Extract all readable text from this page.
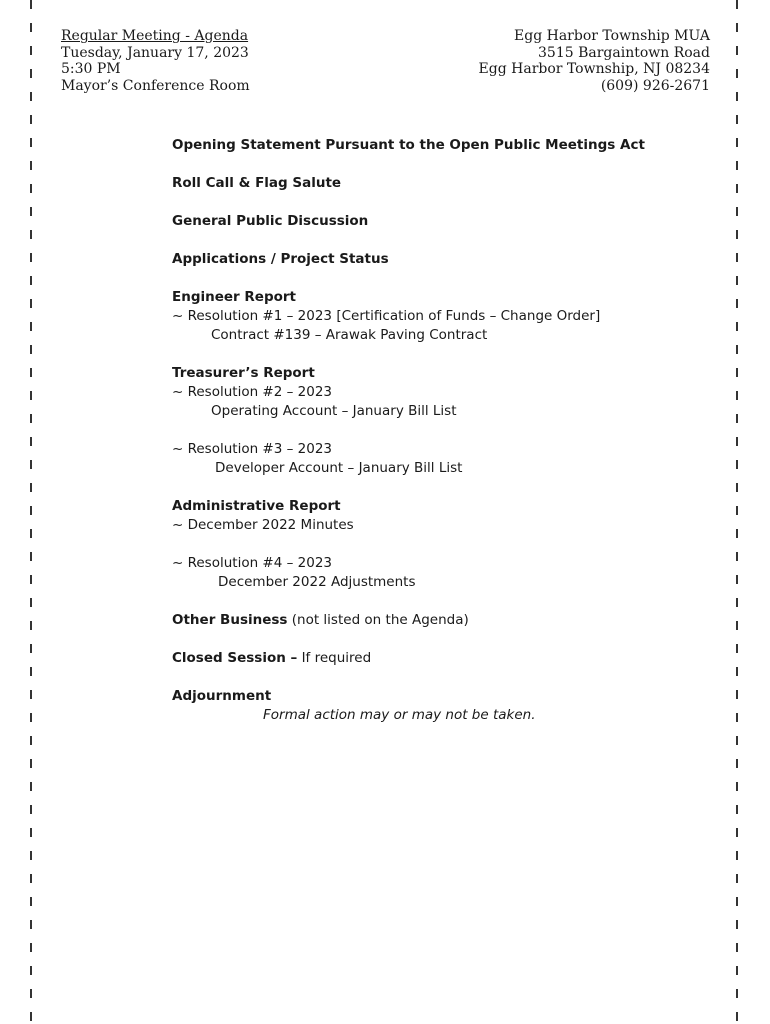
Regular Meeting - Agenda
Tuesday, January 17, 2023
5:30 PM
Mayor’s Conference Room
Egg Harbor Township MUA
3515 Bargaintown Road
Egg Harbor Township, NJ 08234
(609) 926-2671
Opening Statement Pursuant to the Open Public Meetings Act
Roll Call & Flag Salute
General Public Discussion
Applications / Project Status
Engineer Report
~ Resolution #1 – 2023 [Certification of Funds – Change Order]
Contract #139 – Arawak Paving Contract
Treasurer’s Report
~ Resolution #2 – 2023
Operating Account – January Bill List
~ Resolution #3 – 2023
Developer Account – January Bill List
Administrative Report
~ December 2022 Minutes
~ Resolution #4 – 2023
December 2022 Adjustments
Other Business (not listed on the Agenda)
Closed Session – If required
Adjournment
Formal action may or may not be taken.
